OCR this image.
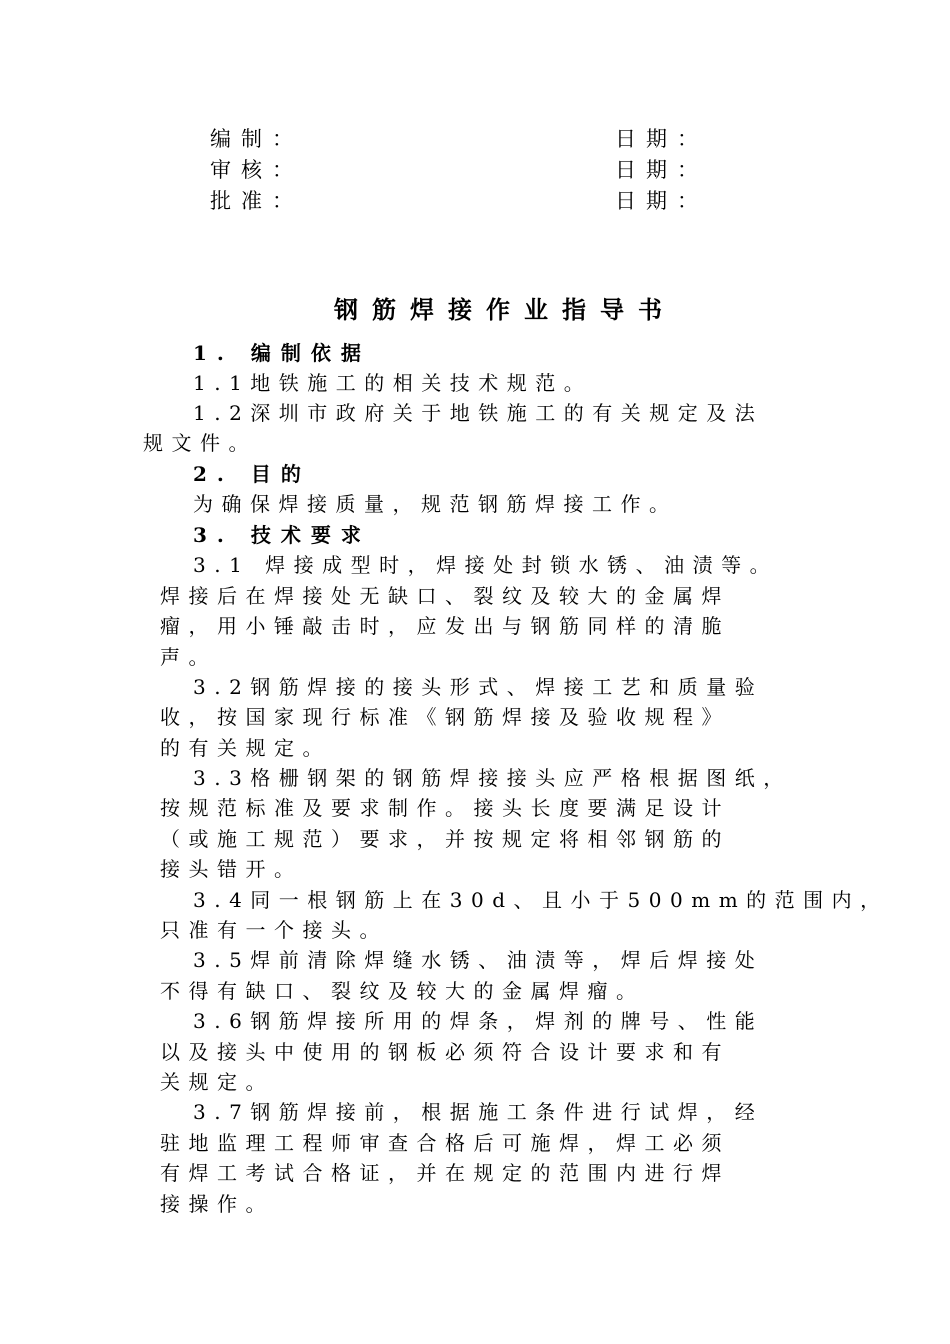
编制：	日期：
审核：	日期：
批准：	日期：
钢筋焊接作业指导书
1. 编制依据
1.1地铁施工的相关技术规范。
1.2深圳市政府关于地铁施工的有关规定及法
规文件。
2. 目的
为确保焊接质量，规范钢筋焊接工作。
3. 技术要求
3.1 焊接成型时，焊接处封锁水锈、油渍等。
焊接后在焊接处无缺口、裂纹及较大的金属焊
瘤，用小锤敲击时，应发出与钢筋同样的清脆
声。
3.2钢筋焊接的接头形式、焊接工艺和质量验
收，按国家现行标准《钢筋焊接及验收规程》
的有关规定。
3.3格栅钢架的钢筋焊接接头应严格根据图纸，
按规范标准及要求制作。接头长度要满足设计
（或施工规范）要求，并按规定将相邻钢筋的
接头错开。
3.4同一根钢筋上在30d、且小于500mm的范围内，
只准有一个接头。
3.5焊前清除焊缝水锈、油渍等，焊后焊接处
不得有缺口、裂纹及较大的金属焊瘤。
3.6钢筋焊接所用的焊条，焊剂的牌号、性能
以及接头中使用的钢板必须符合设计要求和有
关规定。
3.7钢筋焊接前，根据施工条件进行试焊，经
驻地监理工程师审查合格后可施焊，焊工必须
有焊工考试合格证，并在规定的范围内进行焊
接操作。
